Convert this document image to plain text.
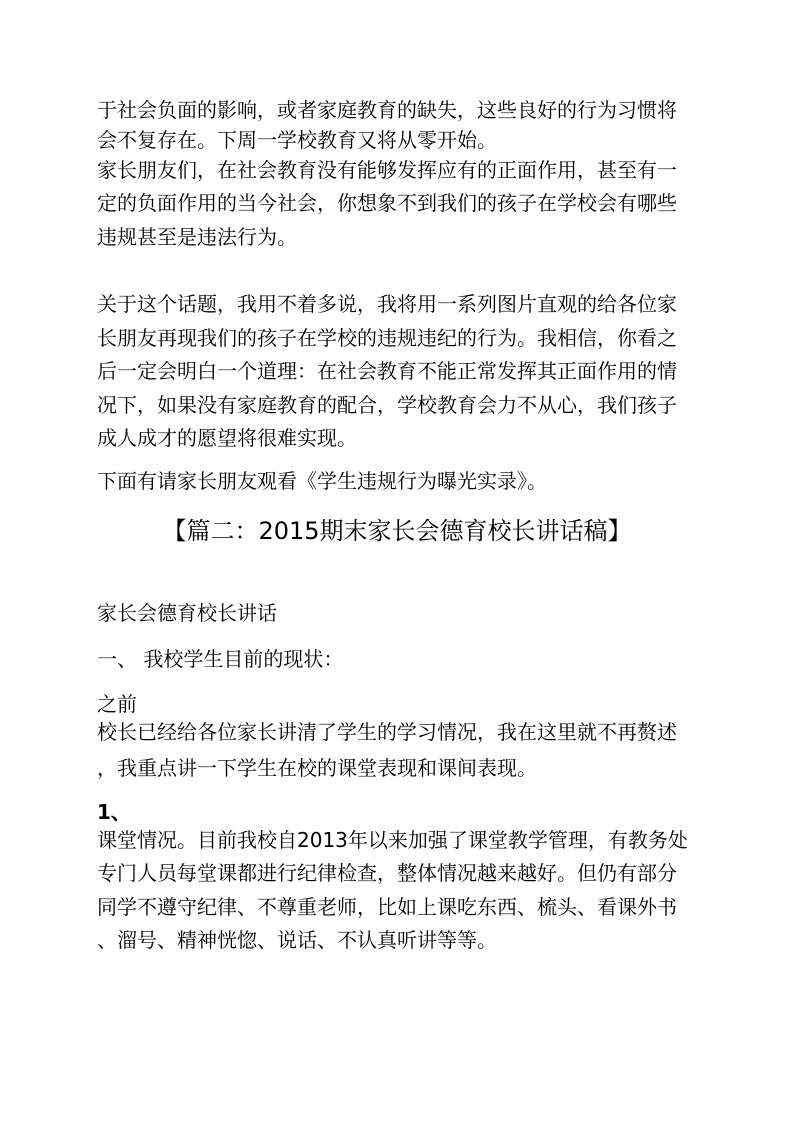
于社会负面的影响，或者家庭教育的缺失，这些良好的行为习惯将
会不复存在。下周一学校教育又将从零开始。
家长朋友们，在社会教育没有能够发挥应有的正面作用，甚至有一
定的负面作用的当今社会，你想象不到我们的孩子在学校会有哪些
违规甚至是违法行为。
关于这个话题，我用不着多说，我将用一系列图片直观的给各位家
长朋友再现我们的孩子在学校的违规违纪的行为。我相信，你看之
后一定会明白一个道理：在社会教育不能正常发挥其正面作用的情
况下，如果没有家庭教育的配合，学校教育会力不从心，我们孩子
成人成才的愿望将很难实现。
下面有请家长朋友观看《学生违规行为曝光实录》。
【篇二：2015期末家长会德育校长讲话稿】
家长会德育校长讲话
一、 我校学生目前的现状：
之前
校长已经给各位家长讲清了学生的学习情况，我在这里就不再赘述
，我重点讲一下学生在校的课堂表现和课间表现。
1、
课堂情况。目前我校自2013年以来加强了课堂教学管理，有教务处
专门人员每堂课都进行纪律检查，整体情况越来越好。但仍有部分
同学不遵守纪律、不尊重老师，比如上课吃东西、梳头、看课外书
、溜号、精神恍惚、说话、不认真听讲等等。
